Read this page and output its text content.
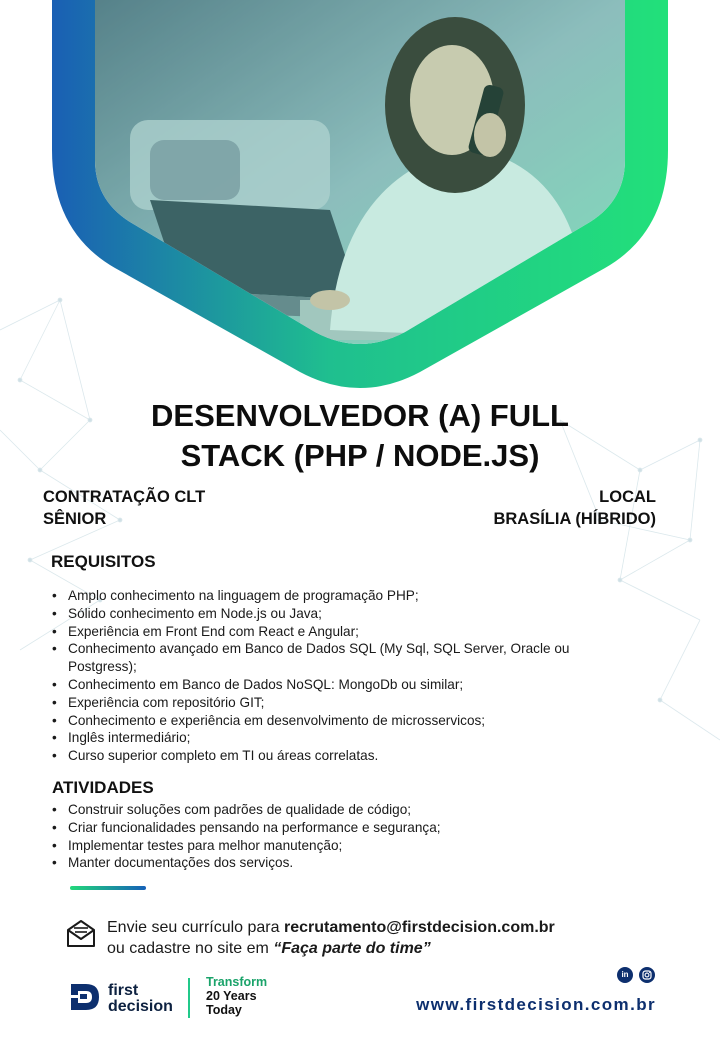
DESENVOLVEDOR (A) FULL
STACK (PHP / NODE.JS)
CONTRATAÇÃO CLT
SÊNIOR
LOCAL
BRASÍLIA (HÍBRIDO)
REQUISITOS
• Amplo conhecimento na linguagem de programação PHP;
• Sólido conhecimento em Node.js ou Java;
• Experiência em Front End com React e Angular;
• Conhecimento avançado em Banco de Dados SQL (My Sql, SQL Server, Oracle ou Postgress);
• Conhecimento em Banco de Dados NoSQL: MongoDb ou similar;
• Experiência com repositório GIT;
• Conhecimento e experiência em desenvolvimento de microsservicos;
• Inglês intermediário;
• Curso superior completo em TI ou áreas correlatas.
ATIVIDADES
• Construir soluções com padrões de qualidade de código;
• Criar funcionalidades pensando na performance e segurança;
• Implementar testes para melhor manutenção;
• Manter documentações dos serviços.
Envie seu currículo para recrutamento@firstdecision.com.br
ou cadastre no site em “Faça parte do time”
first
decision
Transform
20 Years
Today
in
www.firstdecision.com.br
